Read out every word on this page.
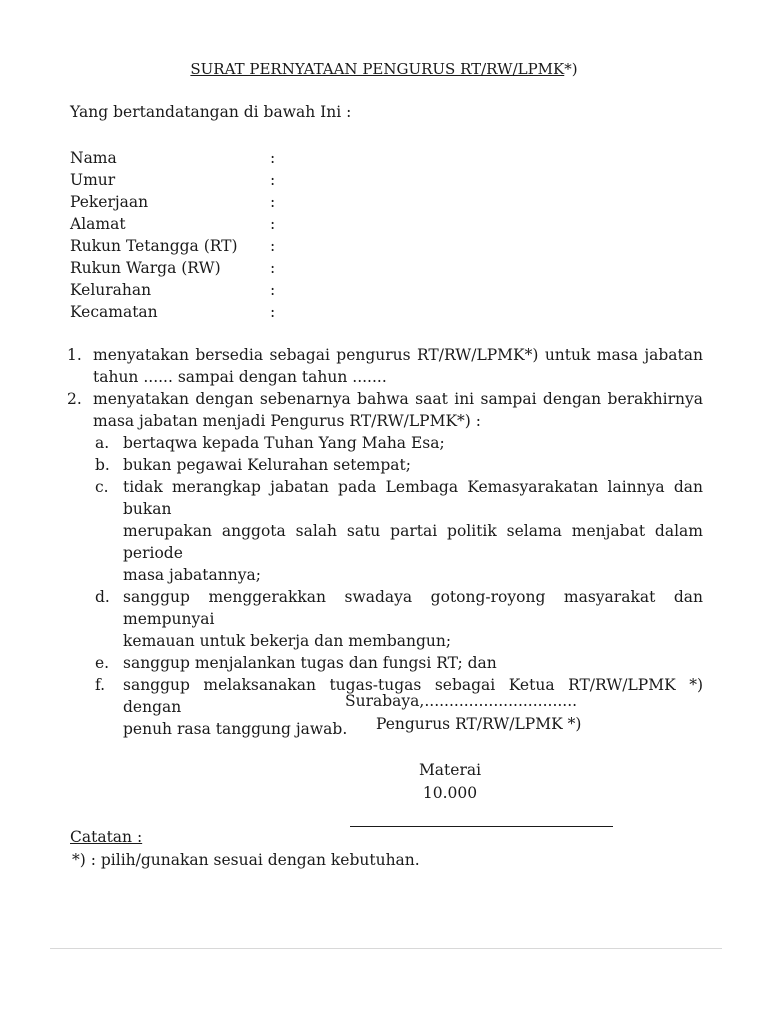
SURAT PERNYATAAN PENGURUS RT/RW/LPMK*)
Yang bertandatangan di bawah Ini :
Nama	:
Umur	:
Pekerjaan	:
Alamat	:
Rukun Tetangga (RT) :
Rukun Warga (RW)	:
Kelurahan	:
Kecamatan	:
1. menyatakan bersedia sebagai pengurus RT/RW/LPMK*) untuk masa jabatan
tahun ...... sampai dengan tahun .......
2. menyatakan dengan sebenarnya bahwa saat ini sampai dengan berakhirnya
masa jabatan menjadi Pengurus RT/RW/LPMK*) :
a. bertaqwa kepada Tuhan Yang Maha Esa;
b. bukan pegawai Kelurahan setempat;
c. tidak merangkap jabatan pada Lembaga Kemasyarakatan lainnya dan bukan
merupakan anggota salah satu partai politik selama menjabat dalam periode
masa jabatannya;
d. sanggup menggerakkan swadaya gotong-royong masyarakat dan mempunyai
kemauan untuk bekerja dan membangun;
e. sanggup menjalankan tugas dan fungsi RT; dan
f. sanggup melaksanakan tugas-tugas sebagai Ketua RT/RW/LPMK *) dengan
penuh rasa tanggung jawab.
Surabaya,...............................
Pengurus RT/RW/LPMK *)
Materai
10.000
Catatan :
*) : pilih/gunakan sesuai dengan kebutuhan.
